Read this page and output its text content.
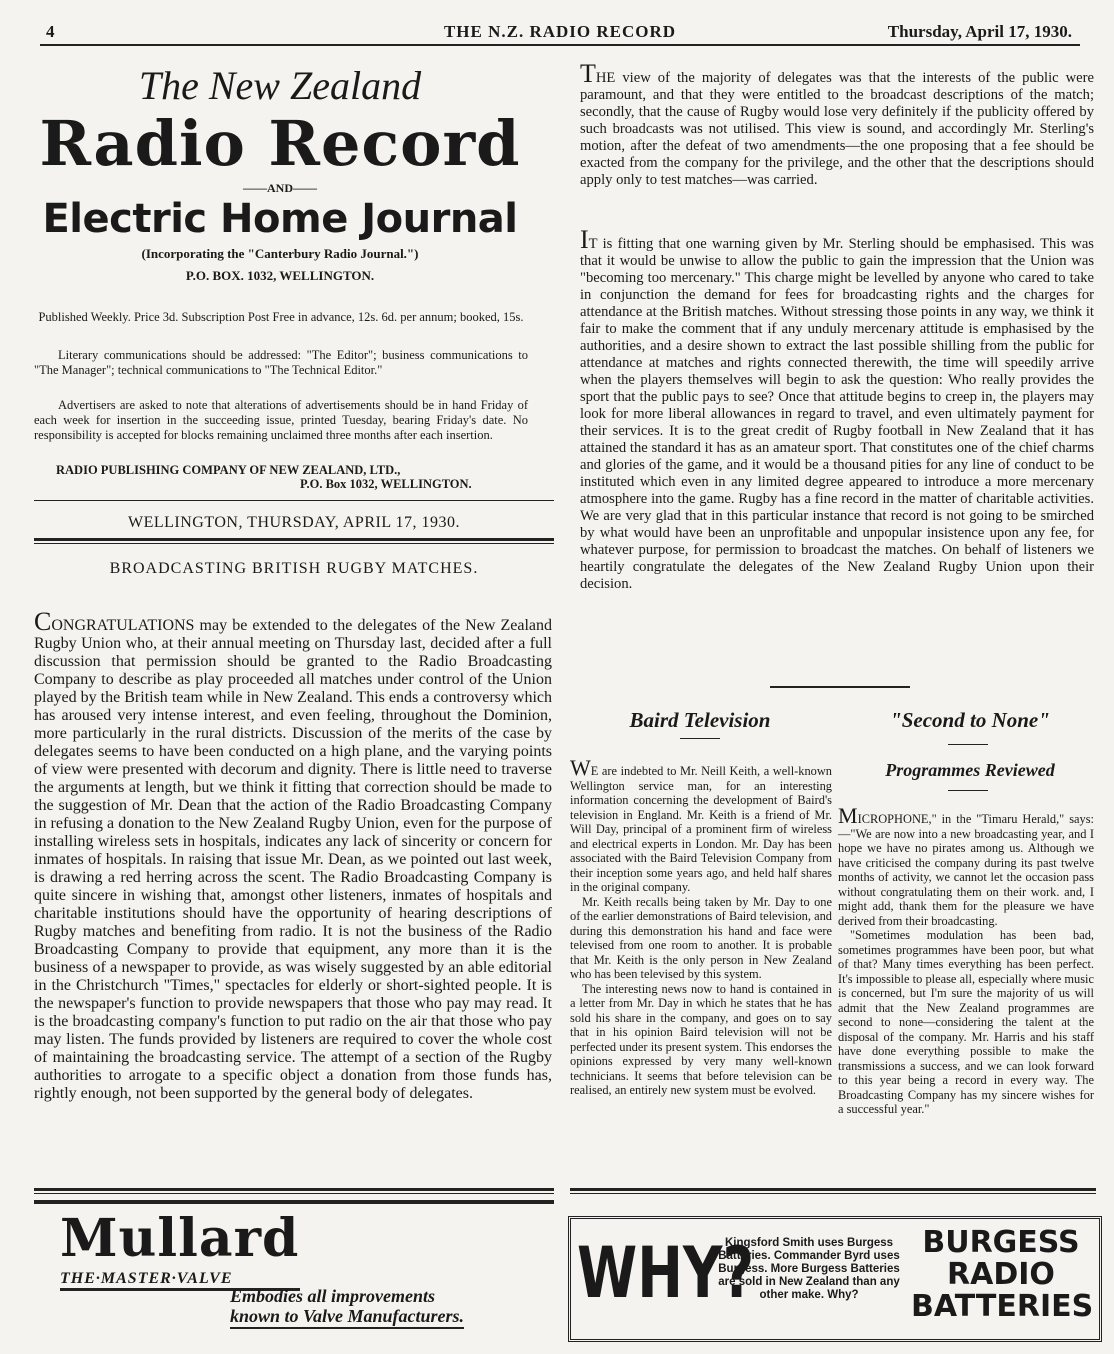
4	THE N.Z. RADIO RECORD	Thursday, April 17, 1930.
The New Zealand
Radio Record
——AND——
Electric Home Journal
(Incorporating the "Canterbury Radio Journal.")
P.O. BOX. 1032, WELLINGTON.
Published Weekly. Price 3d. Subscription Post Free in advance, 12s. 6d. per annum; booked, 15s.
Literary communications should be addressed: "The Editor"; business communications to "The Manager"; technical communications to "The Technical Editor."
Advertisers are asked to note that alterations of advertisements should be in hand Friday of each week for insertion in the succeeding issue, printed Tuesday, bearing Friday's date. No responsibility is accepted for blocks remaining unclaimed three months after each insertion.
RADIO PUBLISHING COMPANY OF NEW ZEALAND, LTD.,
P.O. Box 1032, WELLINGTON.
WELLINGTON, THURSDAY, APRIL 17, 1930.
BROADCASTING BRITISH RUGBY MATCHES.
CONGRATULATIONS may be extended to the delegates of the New Zealand Rugby Union who, at their annual meeting on Thursday last, decided after a full discussion that permission should be granted to the Radio Broadcasting Company to describe as play proceeded all matches under control of the Union played by the British team while in New Zealand. This ends a controversy which has aroused very intense interest, and even feeling, throughout the Dominion, more particularly in the rural districts. Discussion of the merits of the case by delegates seems to have been conducted on a high plane, and the varying points of view were presented with decorum and dignity. There is little need to traverse the arguments at length, but we think it fitting that correction should be made to the suggestion of Mr. Dean that the action of the Radio Broadcasting Company in refusing a donation to the New Zealand Rugby Union, even for the purpose of installing wireless sets in hospitals, indicates any lack of sincerity or concern for inmates of hospitals. In raising that issue Mr. Dean, as we pointed out last week, is drawing a red herring across the scent. The Radio Broadcasting Company is quite sincere in wishing that, amongst other listeners, inmates of hospitals and charitable institutions should have the opportunity of hearing descriptions of Rugby matches and benefiting from radio. It is not the business of the Radio Broadcasting Company to provide that equipment, any more than it is the business of a newspaper to provide, as was wisely suggested by an able editorial in the Christchurch "Times," spectacles for elderly or short-sighted people. It is the newspaper's function to provide newspapers that those who pay may read. It is the broadcasting company's function to put radio on the air that those who pay may listen. The funds provided by listeners are required to cover the whole cost of maintaining the broadcasting service. The attempt of a section of the Rugby authorities to arrogate to a specific object a donation from those funds has, rightly enough, not been supported by the general body of delegates.
THE view of the majority of delegates was that the interests of the public were paramount, and that they were entitled to the broadcast descriptions of the match; secondly, that the cause of Rugby would lose very definitely if the publicity offered by such broadcasts was not utilised. This view is sound, and accordingly Mr. Sterling's motion, after the defeat of two amendments—the one proposing that a fee should be exacted from the company for the privilege, and the other that the descriptions should apply only to test matches—was carried.
IT is fitting that one warning given by Mr. Sterling should be emphasised. This was that it would be unwise to allow the public to gain the impression that the Union was "becoming too mercenary." This charge might be levelled by anyone who cared to take in conjunction the demand for fees for broadcasting rights and the charges for attendance at the British matches. Without stressing those points in any way, we think it fair to make the comment that if any unduly mercenary attitude is emphasised by the authorities, and a desire shown to extract the last possible shilling from the public for attendance at matches and rights connected therewith, the time will speedily arrive when the players themselves will begin to ask the question: Who really provides the sport that the public pays to see? Once that attitude begins to creep in, the players may look for more liberal allowances in regard to travel, and even ultimately payment for their services. It is to the great credit of Rugby football in New Zealand that it has attained the standard it has as an amateur sport. That constitutes one of the chief charms and glories of the game, and it would be a thousand pities for any line of conduct to be instituted which even in any limited degree appeared to introduce a more mercenary atmosphere into the game. Rugby has a fine record in the matter of charitable activities. We are very glad that in this particular instance that record is not going to be smirched by what would have been an unprofitable and unpopular insistence upon any fee, for whatever purpose, for permission to broadcast the matches. On behalf of listeners we heartily congratulate the delegates of the New Zealand Rugby Union upon their decision.
Baird Television

WE are indebted to Mr. Neill Keith, a well-known Wellington service man, for an interesting information concerning the development of Baird's television in England. Mr. Keith is a friend of Mr. Will Day, principal of a prominent firm of wireless and electrical experts in London. Mr. Day has been associated with the Baird Television Company from their inception some years ago, and held half shares in the original company.

Mr. Keith recalls being taken by Mr. Day to one of the earlier demonstrations of Baird television, and during this demonstration his hand and face were televised from one room to another. It is probable that Mr. Keith is the only person in New Zealand who has been televised by this system.

The interesting news now to hand is contained in a letter from Mr. Day in which he states that he has sold his share in the company, and goes on to say that in his opinion Baird television will not be perfected under its present system. This endorses the opinions expressed by very many well-known technicians. It seems that before television can be realised, an entirely new system must be evolved.

"Second to None"
Programmes Reviewed

MICROPHONE," in the "Timaru Herald," says:—"We are now into a new broadcasting year, and I hope we have no pirates among us. Although we have criticised the company during its past twelve months of activity, we cannot let the occasion pass without congratulating them on their work. and, I might add, thank them for the pleasure we have derived from their broadcasting.

"Sometimes modulation has been bad, sometimes programmes have been poor, but what of that? Many times everything has been perfect. It's impossible to please all, especially where music is concerned, but I'm sure the majority of us will admit that the New Zealand programmes are second to none—considering the talent at the disposal of the company. Mr. Harris and his staff have done everything possible to make the transmissions a success, and we can look forward to this year being a record in every way. The Broadcasting Company has my sincere wishes for a successful year."

Mullard
THE·MASTER·VALVE
Embodies all improvements
known to Valve Manufacturers.
WHY?
Kingsford Smith uses Burgess Batteries. Commander Byrd uses Burgess. More Burgess Batteries are sold in New Zealand than any other make. Why?
BURGESS
RADIO
BATTERIES
